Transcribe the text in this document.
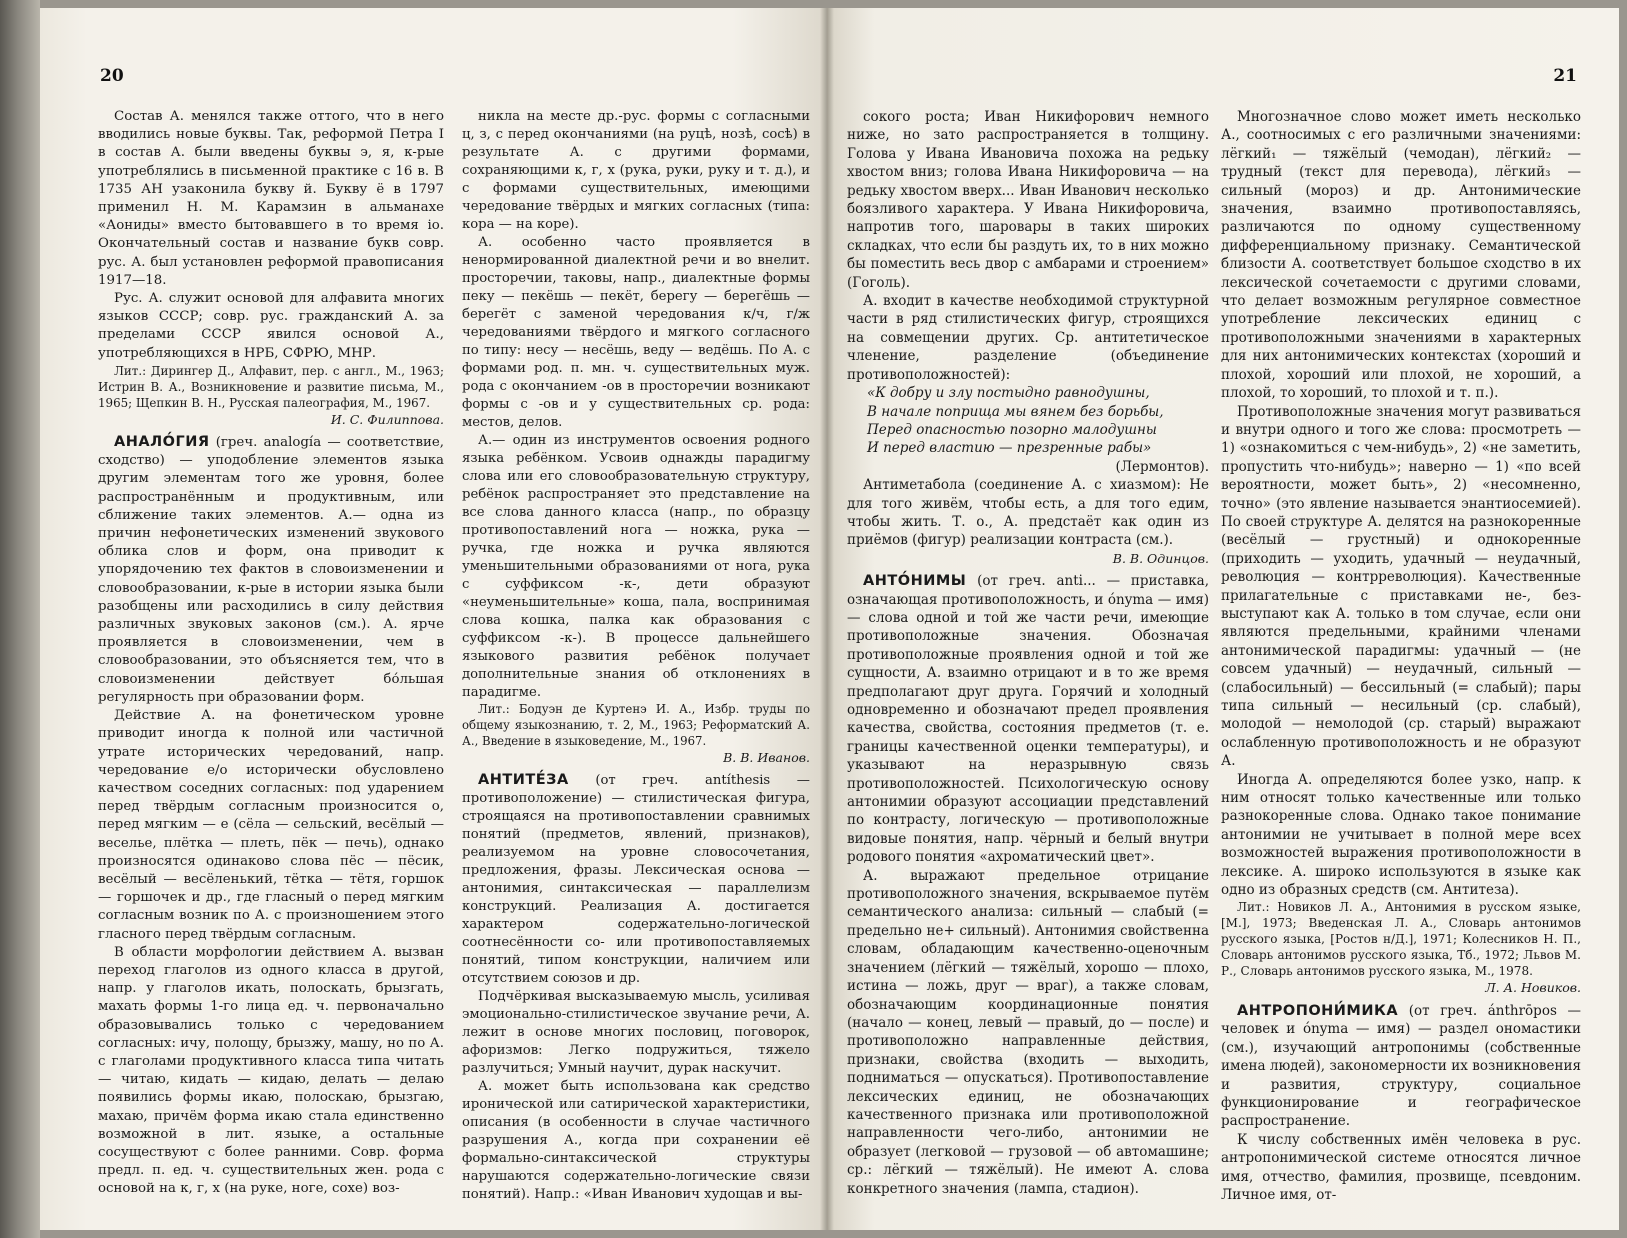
20

Состав А. менялся также оттого, что в него вводились новые буквы. Так, реформой Петра I в состав А. были введены буквы э, я, к-рые употреблялись в письменной практике с 16 в. В 1735 АН узаконила букву й. Букву ё в 1797 применил Н. М. Карамзин в альманахе «Аониды» вместо бытовавшего в то время іо. Окончательный состав и название букв совр. рус. А. был установлен реформой правописания 1917—18.

Рус. А. служит основой для алфавита многих языков СССР; совр. рус. гражданский А. за пределами СССР явился основой А., употребляющихся в НРБ, СФРЮ, МНР.

Лит.: Дирингер Д., Алфавит, пер. с англ., М., 1963; Истрин В. А., Возникновение и развитие письма, М., 1965; Щепкин В. Н., Русская палеография, М., 1967.

И. С. Филиппова.

АНАЛО́ГИЯ (греч. analogía — соответствие, сходство) — уподобление элементов языка другим элементам того же уровня, более распространённым и продуктивным, или сближение таких элементов. А.— одна из причин нефонетических изменений звукового облика слов и форм, она приводит к упорядочению тех фактов в словоизменении и словообразовании, к-рые в истории языка были разобщены или расходились в силу действия различных звуковых законов (см.). А. ярче проявляется в словоизменении, чем в словообразовании, это объясняется тем, что в словоизменении действует бо́льшая регулярность при образовании форм.

Действие А. на фонетическом уровне приводит иногда к полной или частичной утрате исторических чередований, напр. чередование е/о исторически обусловлено качеством соседних согласных: под ударением перед твёрдым согласным произносится о, перед мягким — е (сёла — сельский, весёлый — веселье, плётка — плеть, пёк — печь), однако произносятся одинаково слова пёс — пёсик, весёлый — весёленький, тётка — тётя, горшок — горшочек и др., где гласный о перед мягким согласным возник по А. с произношением этого гласного перед твёрдым согласным.

В области морфологии действием А. вызван переход глаголов из одного класса в другой, напр. у глаголов икать, полоскать, брызгать, махать формы 1-го лица ед. ч. первоначально образовывались только с чередованием согласных: ичу, полощу, брызжу, машу, но по А. с глаголами продуктивного класса типа читать — читаю, кидать — кидаю, делать — делаю появились формы икаю, полоскаю, брызгаю, махаю, причём форма икаю стала единственно возможной в лит. языке, а остальные сосуществуют с более ранними. Совр. форма предл. п. ед. ч. существительных жен. рода с основой на к, г, х (на руке, ноге, сохе) воз-

никла на месте др.-рус. формы с согласными ц, з, с перед окончаниями (на руцѣ, нозѣ, сосѣ) в результате А. с другими формами, сохраняющими к, г, х (рука, руки, руку и т. д.), и с формами существительных, имеющими чередование твёрдых и мягких согласных (типа: кора — на коре).

А. особенно часто проявляется в ненормированной диалектной речи и во внелит. просторечии, таковы, напр., диалектные формы пеку — пекёшь — пекёт, берегу — берегёшь — берегёт с заменой чередования к/ч, г/ж чередованиями твёрдого и мягкого согласного по типу: несу — несёшь, веду — ведёшь. По А. с формами род. п. мн. ч. существительных муж. рода с окончанием -ов в просторечии возникают формы с -ов и у существительных ср. рода: местов, делов.

А.— один из инструментов освоения родного языка ребёнком. Усвоив однажды парадигму слова или его словообразовательную структуру, ребёнок распространяет это представление на все слова данного класса (напр., по образцу противопоставлений нога — ножка, рука — ручка, где ножка и ручка являются уменьшительными образованиями от нога, рука с суффиксом -к-, дети образуют «неуменьшительные» коша, пала, воспринимая слова кошка, палка как образования с суффиксом -к-). В процессе дальнейшего языкового развития ребёнок получает дополнительные знания об отклонениях в парадигме.

Лит.: Бодуэн де Куртенэ И. А., Избр. труды по общему языкознанию, т. 2, М., 1963; Реформатский А. А., Введение в языковедение, М., 1967.

В. В. Иванов.

АНТИТЕ́ЗА (от греч. antíthesis — противоположение) — стилистическая фигура, строящаяся на противопоставлении сравнимых понятий (предметов, явлений, признаков), реализуемом на уровне словосочетания, предложения, фразы. Лексическая основа — антонимия, синтаксическая — параллелизм конструкций. Реализация А. достигается характером содержательно-логической соотнесённости со- или противопоставляемых понятий, типом конструкции, наличием или отсутствием союзов и др.

Подчёркивая высказываемую мысль, усиливая эмоционально-стилистическое звучание речи, А. лежит в основе многих пословиц, поговорок, афоризмов: Легко подружиться, тяжело разлучиться; Умный научит, дурак наскучит.

А. может быть использована как средство иронической или сатирической характеристики, описания (в особенности в случае частичного разрушения А., когда при сохранении её формально-синтаксической структуры нарушаются содержательно-логические связи понятий). Напр.: «Иван Иванович худощав и вы-

21

сокого роста; Иван Никифорович немного ниже, но зато распространяется в толщину. Голова у Ивана Ивановича похожа на редьку хвостом вниз; голова Ивана Никифоровича — на редьку хвостом вверх... Иван Иванович несколько боязливого характера. У Ивана Никифоровича, напротив того, шаровары в таких широких складках, что если бы раздуть их, то в них можно бы поместить весь двор с амбарами и строением» (Гоголь).

А. входит в качестве необходимой структурной части в ряд стилистических фигур, строящихся на совмещении других. Ср. антитетическое членение, разделение (объединение противоположностей):

«К добру и злу постыдно равнодушны,

В начале поприща мы вянем без борьбы,

Перед опасностью позорно малодушны

И перед властию — презренные рабы»

(Лермонтов).

Антиметабола (соединение А. с хиазмом): Не для того живём, чтобы есть, а для того едим, чтобы жить. Т. о., А. предстаёт как один из приёмов (фигур) реализации контраста (см.).

В. В. Одинцов.

АНТО́НИМЫ (от греч. anti... — приставка, означающая противоположность, и ónyma — имя) — слова одной и той же части речи, имеющие противоположные значения. Обозначая противоположные проявления одной и той же сущности, А. взаимно отрицают и в то же время предполагают друг друга. Горячий и холодный одновременно и обозначают предел проявления качества, свойства, состояния предметов (т. е. границы качественной оценки температуры), и указывают на неразрывную связь противоположностей. Психологическую основу антонимии образуют ассоциации представлений по контрасту, логическую — противоположные видовые понятия, напр. чёрный и белый внутри родового понятия «ахроматический цвет».

А. выражают предельное отрицание противоположного значения, вскрываемое путём семантического анализа: сильный — слабый (= предельно не+ сильный). Антонимия свойственна словам, обладающим качественно-оценочным значением (лёгкий — тяжёлый, хорошо — плохо, истина — ложь, друг — враг), а также словам, обозначающим координационные понятия (начало — конец, левый — правый, до — после) и противоположно направленные действия, признаки, свойства (входить — выходить, подниматься — опускаться). Противопоставление лексических единиц, не обозначающих качественного признака или противоположной направленности чего-либо, антонимии не образует (легковой — грузовой — об автомашине; ср.: лёгкий — тяжёлый). Не имеют А. слова конкретного значения (лампа, стадион).

Многозначное слово может иметь несколько А., соотносимых с его различными значениями: лёгкий₁ — тяжёлый (чемодан), лёгкий₂ — трудный (текст для перевода), лёгкий₃ — сильный (мороз) и др. Антонимические значения, взаимно противопоставляясь, различаются по одному существенному дифференциальному признаку. Семантической близости А. соответствует большое сходство в их лексической сочетаемости с другими словами, что делает возможным регулярное совместное употребление лексических единиц с противоположными значениями в характерных для них антонимических контекстах (хороший и плохой, хороший или плохой, не хороший, а плохой, то хороший, то плохой и т. п.).

Противоположные значения могут развиваться и внутри одного и того же слова: просмотреть — 1) «ознакомиться с чем-нибудь», 2) «не заметить, пропустить что-нибудь»; наверно — 1) «по всей вероятности, может быть», 2) «несомненно, точно» (это явление называется энантиосемией). По своей структуре А. делятся на разнокоренные (весёлый — грустный) и однокоренные (приходить — уходить, удачный — неудачный, революция — контрреволюция). Качественные прилагательные с приставками не-, без- выступают как А. только в том случае, если они являются предельными, крайними членами антонимической парадигмы: удачный — (не совсем удачный) — неудачный, сильный — (слабосильный) — бессильный (= слабый); пары типа сильный — несильный (ср. слабый), молодой — немолодой (ср. старый) выражают ослабленную противоположность и не образуют А.

Иногда А. определяются более узко, напр. к ним относят только качественные или только разнокоренные слова. Однако такое понимание антонимии не учитывает в полной мере всех возможностей выражения противоположности в лексике. А. широко используются в языке как одно из образных средств (см. Антитеза).

Лит.: Новиков Л. А., Антонимия в русском языке, [М.], 1973; Введенская Л. А., Словарь антонимов русского языка, [Ростов н/Д.], 1971; Колесников Н. П., Словарь антонимов русского языка, Тб., 1972; Львов М. Р., Словарь антонимов русского языка, М., 1978.

Л. А. Новиков.

АНТРОПОНИ́МИКА (от греч. ánthrōpos — человек и ónyma — имя) — раздел ономастики (см.), изучающий антропонимы (собственные имена людей), закономерности их возникновения и развития, структуру, социальное функционирование и географическое распространение.

К числу собственных имён человека в рус. антропонимической системе относятся личное имя, отчество, фамилия, прозвище, псевдоним. Личное имя, от-
